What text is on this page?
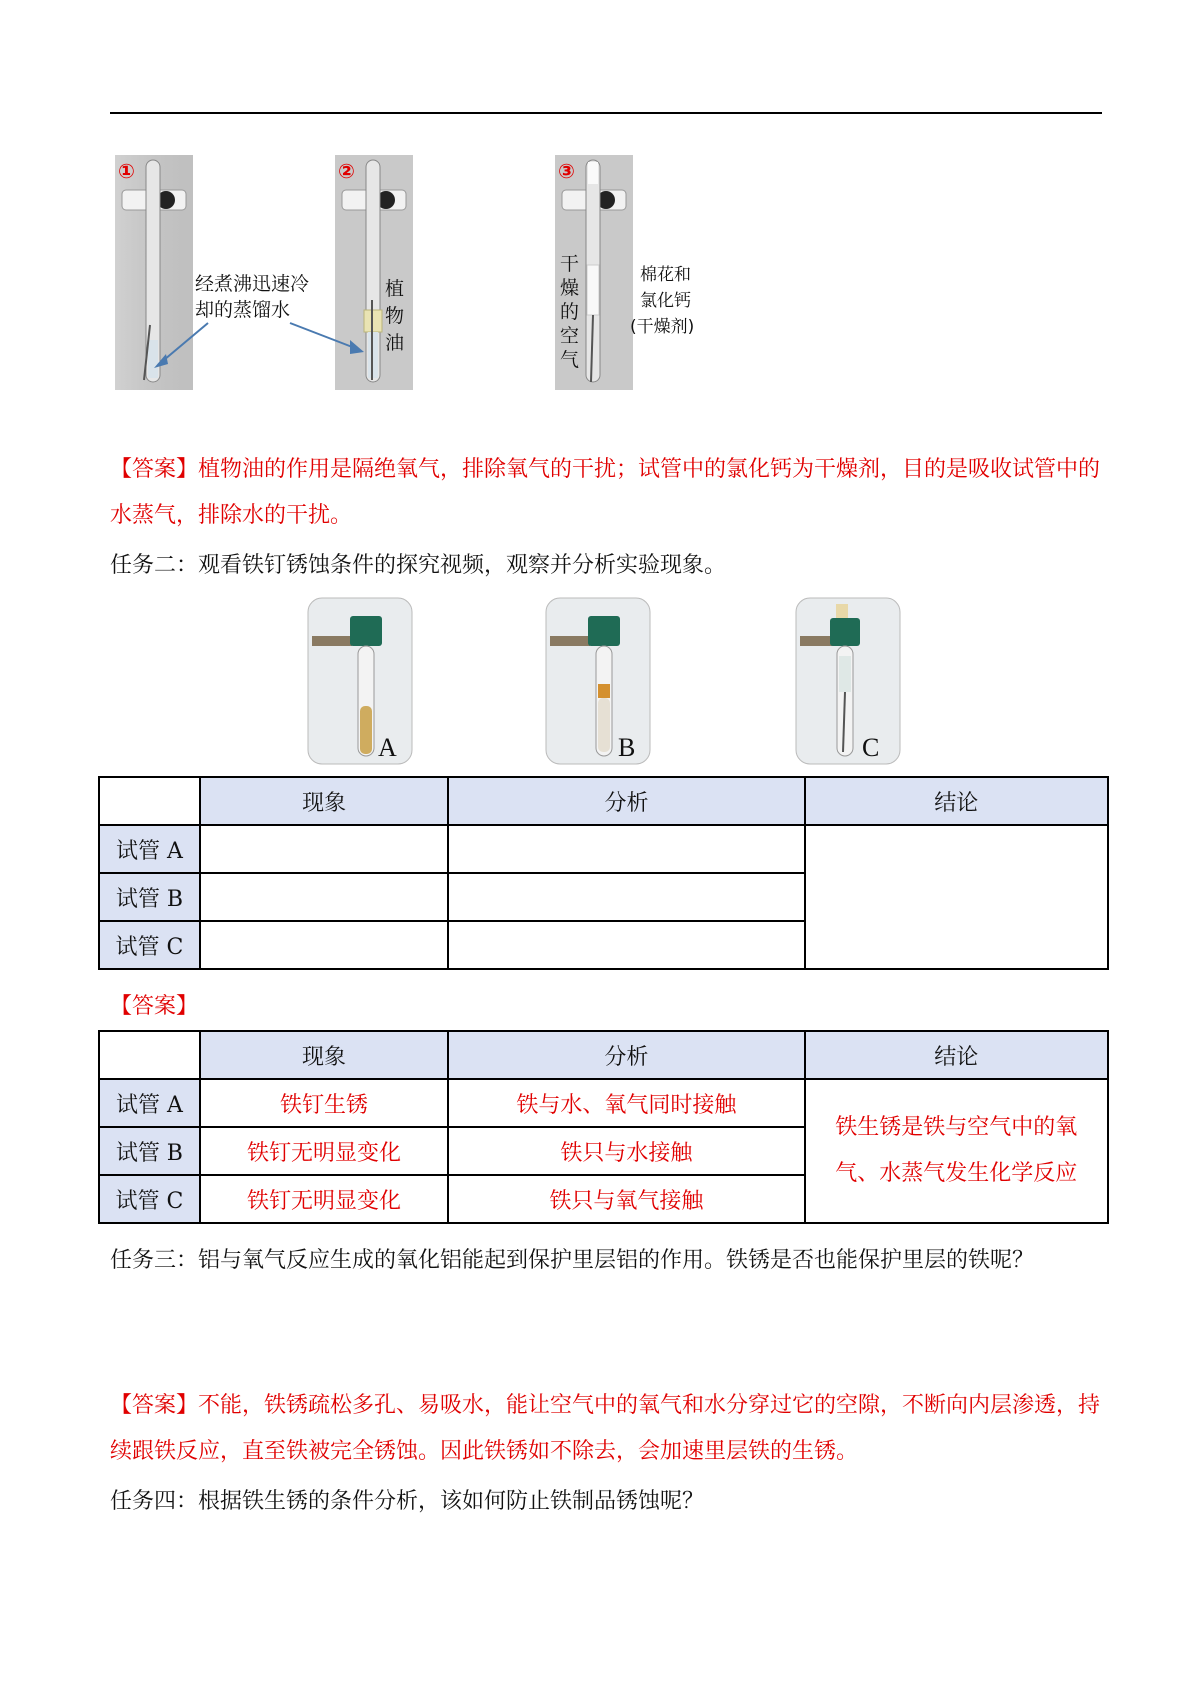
①	②	③
经煮沸迅速冷
却的蒸馏水
植
物
油
干
燥
的
空
气
棉花和
氯化钙
(干燥剂)
【答案】植物油的作用是隔绝氧气，排除氧气的干扰；试管中的氯化钙为干燥剂，目的是吸收试管中的水蒸气，排除水的干扰。
任务二：观看铁钉锈蚀条件的探究视频，观察并分析实验现象。
A	B	C
	现象	分析	结论
试管 A			
试管 B			
试管 C			
【答案】
	现象	分析	结论
试管 A	铁钉生锈	铁与水、氧气同时接触	铁生锈是铁与空气中的氧
气、水蒸气发生化学反应

试管 B	铁钉无明显变化	铁只与水接触	
试管 C	铁钉无明显变化	铁只与氧气接触	
任务三：铝与氧气反应生成的氧化铝能起到保护里层铝的作用。铁锈是否也能保护里层的铁呢？
【答案】不能，铁锈疏松多孔、易吸水，能让空气中的氧气和水分穿过它的空隙，不断向内层渗透，持续跟铁反应，直至铁被完全锈蚀。因此铁锈如不除去，会加速里层铁的生锈。
任务四：根据铁生锈的条件分析，该如何防止铁制品锈蚀呢？
